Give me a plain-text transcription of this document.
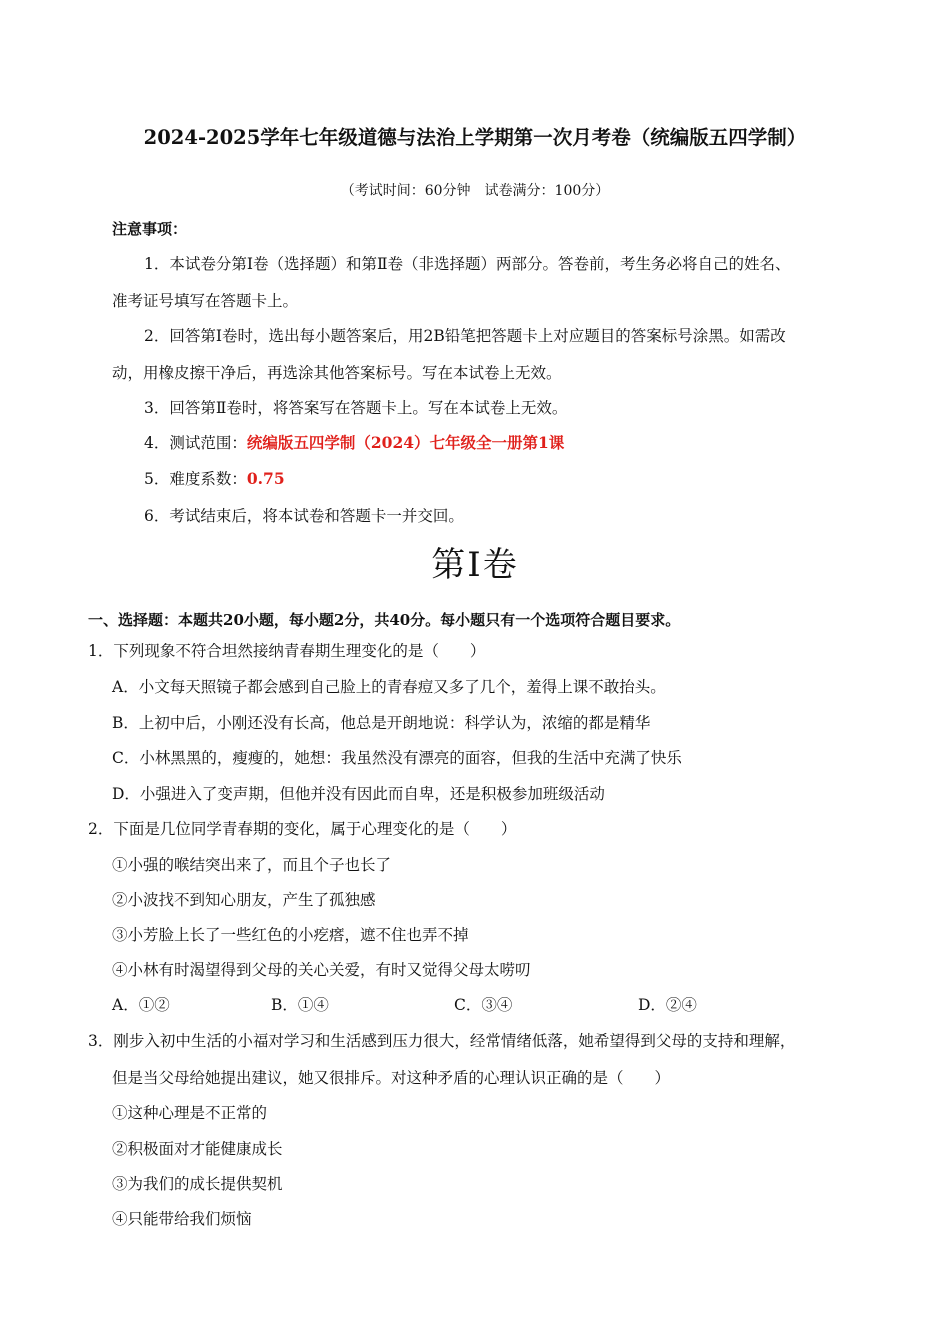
2024-2025学年七年级道德与法治上学期第一次月考卷（统编版五四学制）
（考试时间：60分钟　试卷满分：100分）
注意事项：
1．本试卷分第Ⅰ卷（选择题）和第Ⅱ卷（非选择题）两部分。答卷前，考生务必将自己的姓名、
准考证号填写在答题卡上。
2．回答第Ⅰ卷时，选出每小题答案后，用2B铅笔把答题卡上对应题目的答案标号涂黑。如需改
动，用橡皮擦干净后，再选涂其他答案标号。写在本试卷上无效。
3．回答第Ⅱ卷时，将答案写在答题卡上。写在本试卷上无效。
4．测试范围：统编版五四学制（2024）七年级全一册第1课
5．难度系数：0.75
6．考试结束后，将本试卷和答题卡一并交回。
第Ⅰ卷
一、选择题：本题共20小题，每小题2分，共40分。每小题只有一个选项符合题目要求。
1．下列现象不符合坦然接纳青春期生理变化的是（　　）
A．小文每天照镜子都会感到自己脸上的青春痘又多了几个，羞得上课不敢抬头。
B．上初中后，小刚还没有长高，他总是开朗地说：科学认为，浓缩的都是精华
C．小林黑黑的，瘦瘦的，她想：我虽然没有漂亮的面容，但我的生活中充满了快乐
D．小强进入了变声期，但他并没有因此而自卑，还是积极参加班级活动
2．下面是几位同学青春期的变化，属于心理变化的是（　　）
①小强的喉结突出来了，而且个子也长了
②小波找不到知心朋友，产生了孤独感
③小芳脸上长了一些红色的小疙瘩，遮不住也弄不掉
④小林有时渴望得到父母的关心关爱，有时又觉得父母太唠叨
A．①②	B．①④	C．③④	D．②④
3．刚步入初中生活的小福对学习和生活感到压力很大，经常情绪低落，她希望得到父母的支持和理解，
但是当父母给她提出建议，她又很排斥。对这种矛盾的心理认识正确的是（　　）
①这种心理是不正常的
②积极面对才能健康成长
③为我们的成长提供契机
④只能带给我们烦恼
